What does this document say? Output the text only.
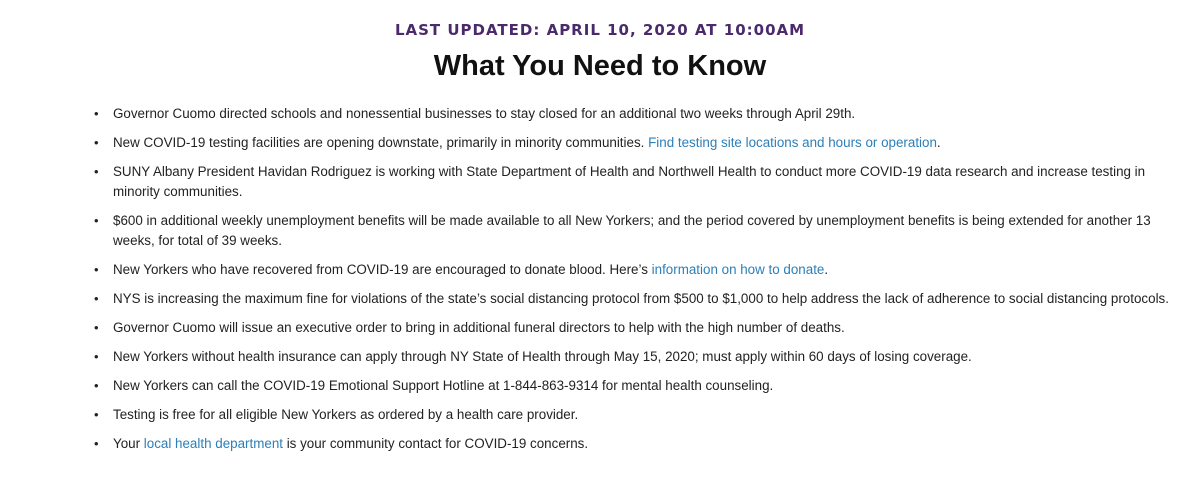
LAST UPDATED: APRIL 10, 2020 AT 10:00AM

What You Need to Know
• Governor Cuomo directed schools and nonessential businesses to stay closed for an additional two weeks through April 29th.
• New COVID-19 testing facilities are opening downstate, primarily in minority communities. Find testing site locations and hours or operation.
• SUNY Albany President Havidan Rodriguez is working with State Department of Health and Northwell Health to conduct more COVID-19 data research and increase testing in minority communities.
• $600 in additional weekly unemployment benefits will be made available to all New Yorkers; and the period covered by unemployment benefits is being extended for another 13 weeks, for total of 39 weeks.
• New Yorkers who have recovered from COVID-19 are encouraged to donate blood. Here’s information on how to donate.
• NYS is increasing the maximum fine for violations of the state’s social distancing protocol from $500 to $1,000 to help address the lack of adherence to social distancing protocols.
• Governor Cuomo will issue an executive order to bring in additional funeral directors to help with the high number of deaths.
• New Yorkers without health insurance can apply through NY State of Health through May 15, 2020; must apply within 60 days of losing coverage.
• New Yorkers can call the COVID-19 Emotional Support Hotline at 1-844-863-9314 for mental health counseling.
• Testing is free for all eligible New Yorkers as ordered by a health care provider.
• Your local health department is your community contact for COVID-19 concerns.
